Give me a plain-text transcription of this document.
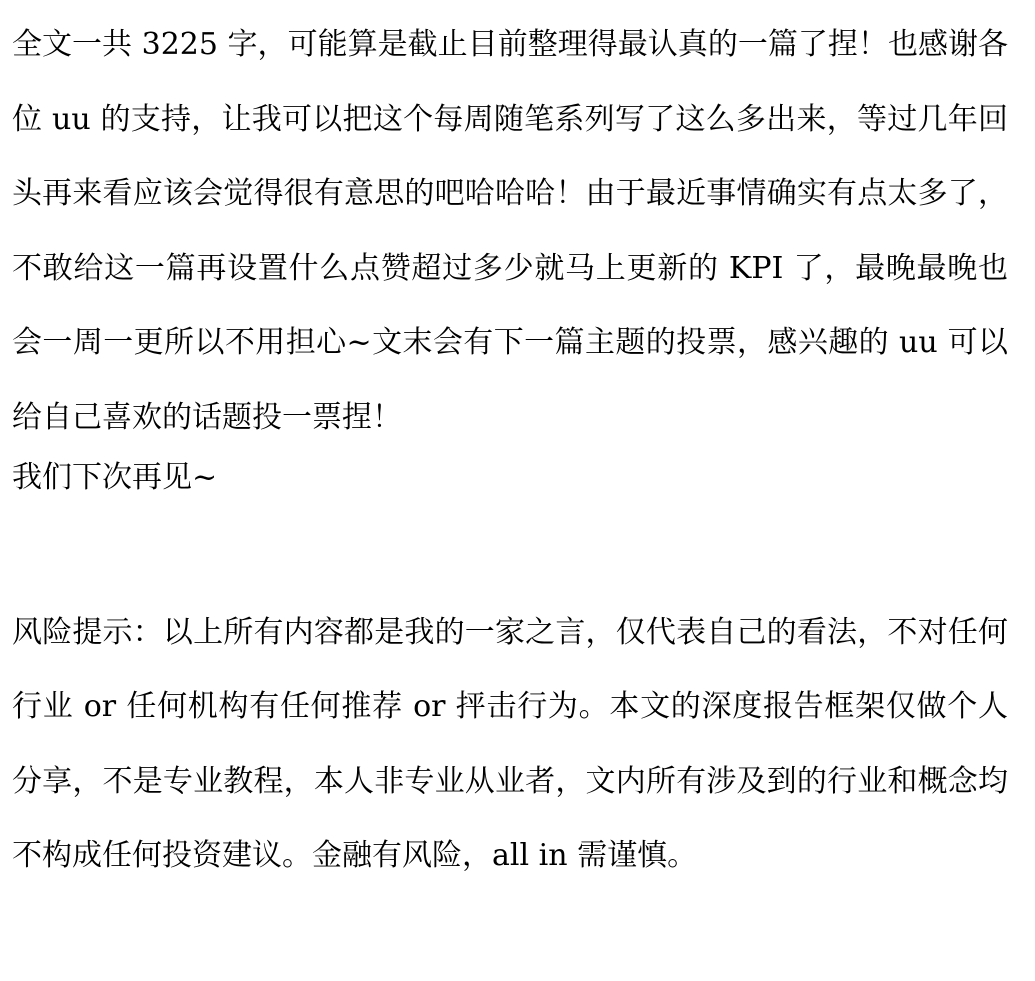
全文一共 3225 字，可能算是截止目前整理得最认真的一篇了捏！也感谢各位 uu 的支持，让我可以把这个每周随笔系列写了这么多出来，等过几年回头再来看应该会觉得很有意思的吧哈哈哈！由于最近事情确实有点太多了，不敢给这一篇再设置什么点赞超过多少就马上更新的 KPI 了，最晚最晚也会一周一更所以不用担心~文末会有下一篇主题的投票，感兴趣的 uu 可以给自己喜欢的话题投一票捏！

我们下次再见~

风险提示：以上所有内容都是我的一家之言，仅代表自己的看法，不对任何行业 or 任何机构有任何推荐 or 抨击行为。本文的深度报告框架仅做个人分享，不是专业教程，本人非专业从业者，文内所有涉及到的行业和概念均不构成任何投资建议。金融有风险，all in 需谨慎。
